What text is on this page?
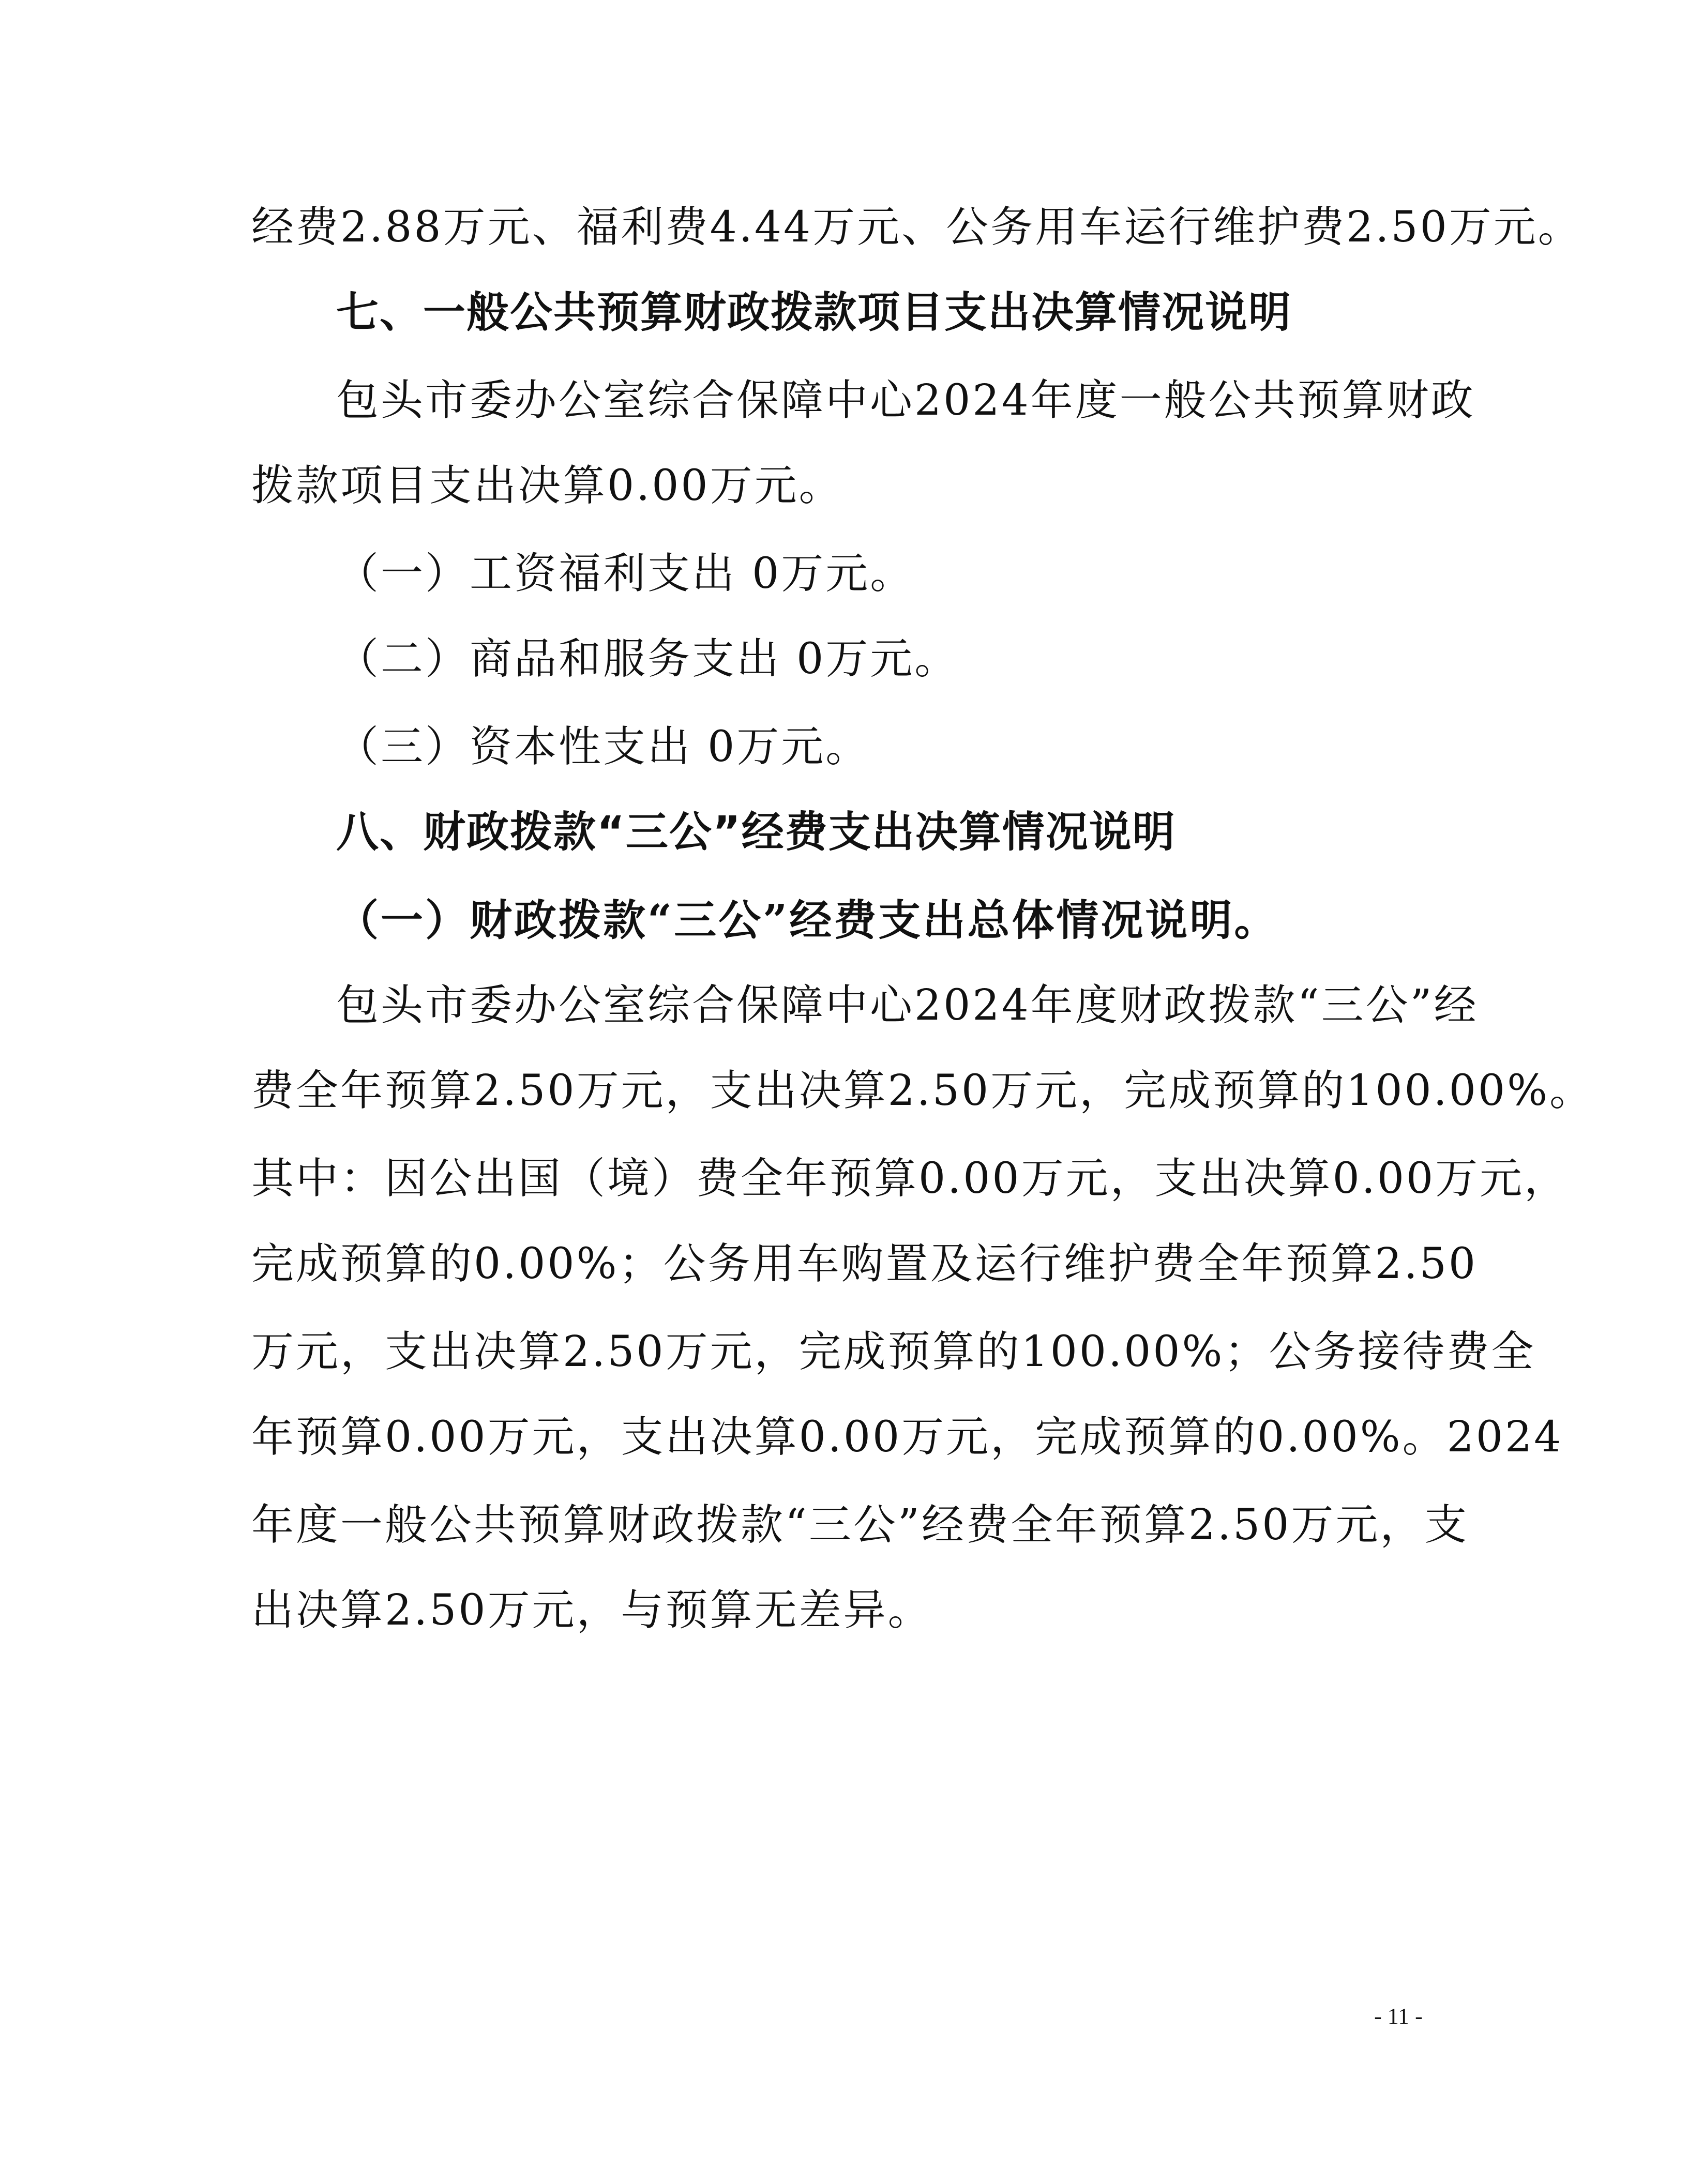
经费2.88万元、福利费4.44万元、公务用车运行维护费2.50万元。
七、一般公共预算财政拨款项目支出决算情况说明
包头市委办公室综合保障中心2024年度一般公共预算财政
拨款项目支出决算0.00万元。
（一）工资福利支出 0万元。
（二）商品和服务支出 0万元。
（三）资本性支出 0万元。
八、财政拨款“三公”经费支出决算情况说明
（一）财政拨款“三公”经费支出总体情况说明。
包头市委办公室综合保障中心2024年度财政拨款“三公”经
费全年预算2.50万元，支出决算2.50万元，完成预算的100.00%。
其中：因公出国（境）费全年预算0.00万元，支出决算0.00万元，
完成预算的0.00%；公务用车购置及运行维护费全年预算2.50
万元，支出决算2.50万元，完成预算的100.00%；公务接待费全
年预算0.00万元，支出决算0.00万元，完成预算的0.00%。2024
年度一般公共预算财政拨款“三公”经费全年预算2.50万元，支
出决算2.50万元，与预算无差异。
- 11 -
